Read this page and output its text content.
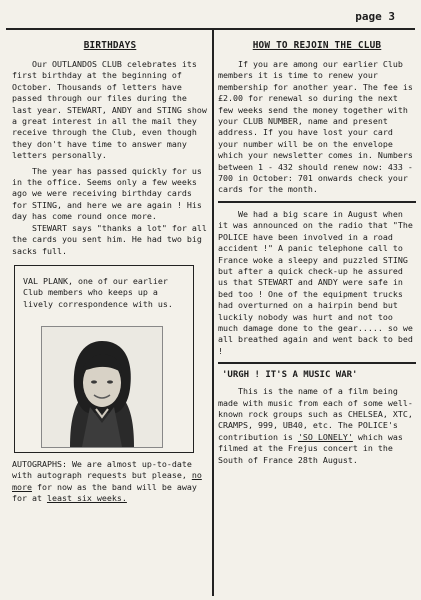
page 3
BIRTHDAYS

Our OUTLANDOS CLUB celebrates its first birthday at the beginning of October. Thousands of letters have passed through our files during the last year. STEWART, ANDY and STING show a great interest in all the mail they receive through the Club, even though they don't have time to answer many letters personally.

The year has passed quickly for us in the office. Seems only a few weeks ago we were receiving birthday cards for STING, and here we are again ! His day has come round once more.

STEWART says "thanks a lot" for all the cards you sent him. He had two big sacks full.

VAL PLANK, one of our earlier Club members who keeps up a lively correspondence with us.

AUTOGRAPHS: We are almost up-to-date with autograph requests but please, no more for now as the band will be away for at least six weeks.

HOW TO REJOIN THE CLUB

If you are among our earlier Club members it is time to renew your membership for another year. The fee is £2.00 for renewal so during the next few weeks send the money together with your CLUB NUMBER, name and present address. If you have lost your card your number will be on the envelope which your newsletter comes in. Numbers between 1 - 432 should renew now: 433 - 700 in October: 701 onwards check your cards for the month.

We had a big scare in August when it was announced on the radio that "The POLICE have been involved in a road accident !" A panic telephone call to France woke a sleepy and puzzled STING but after a quick check-up he assured us that STEWART and ANDY were safe in bed too ! One of the equipment trucks had overturned on a hairpin bend but luckily nobody was hurt and not too much damage done to the gear..... so we all breathed again and went back to bed !

'URGH ! IT'S A MUSIC WAR'

This is the name of a film being made with music from each of some well-known rock groups such as CHELSEA, XTC, CRAMPS, 999, UB40, etc. The POLICE's contribution is 'SO LONELY' which was filmed at the Frejus concert in the South of France 28th August.
